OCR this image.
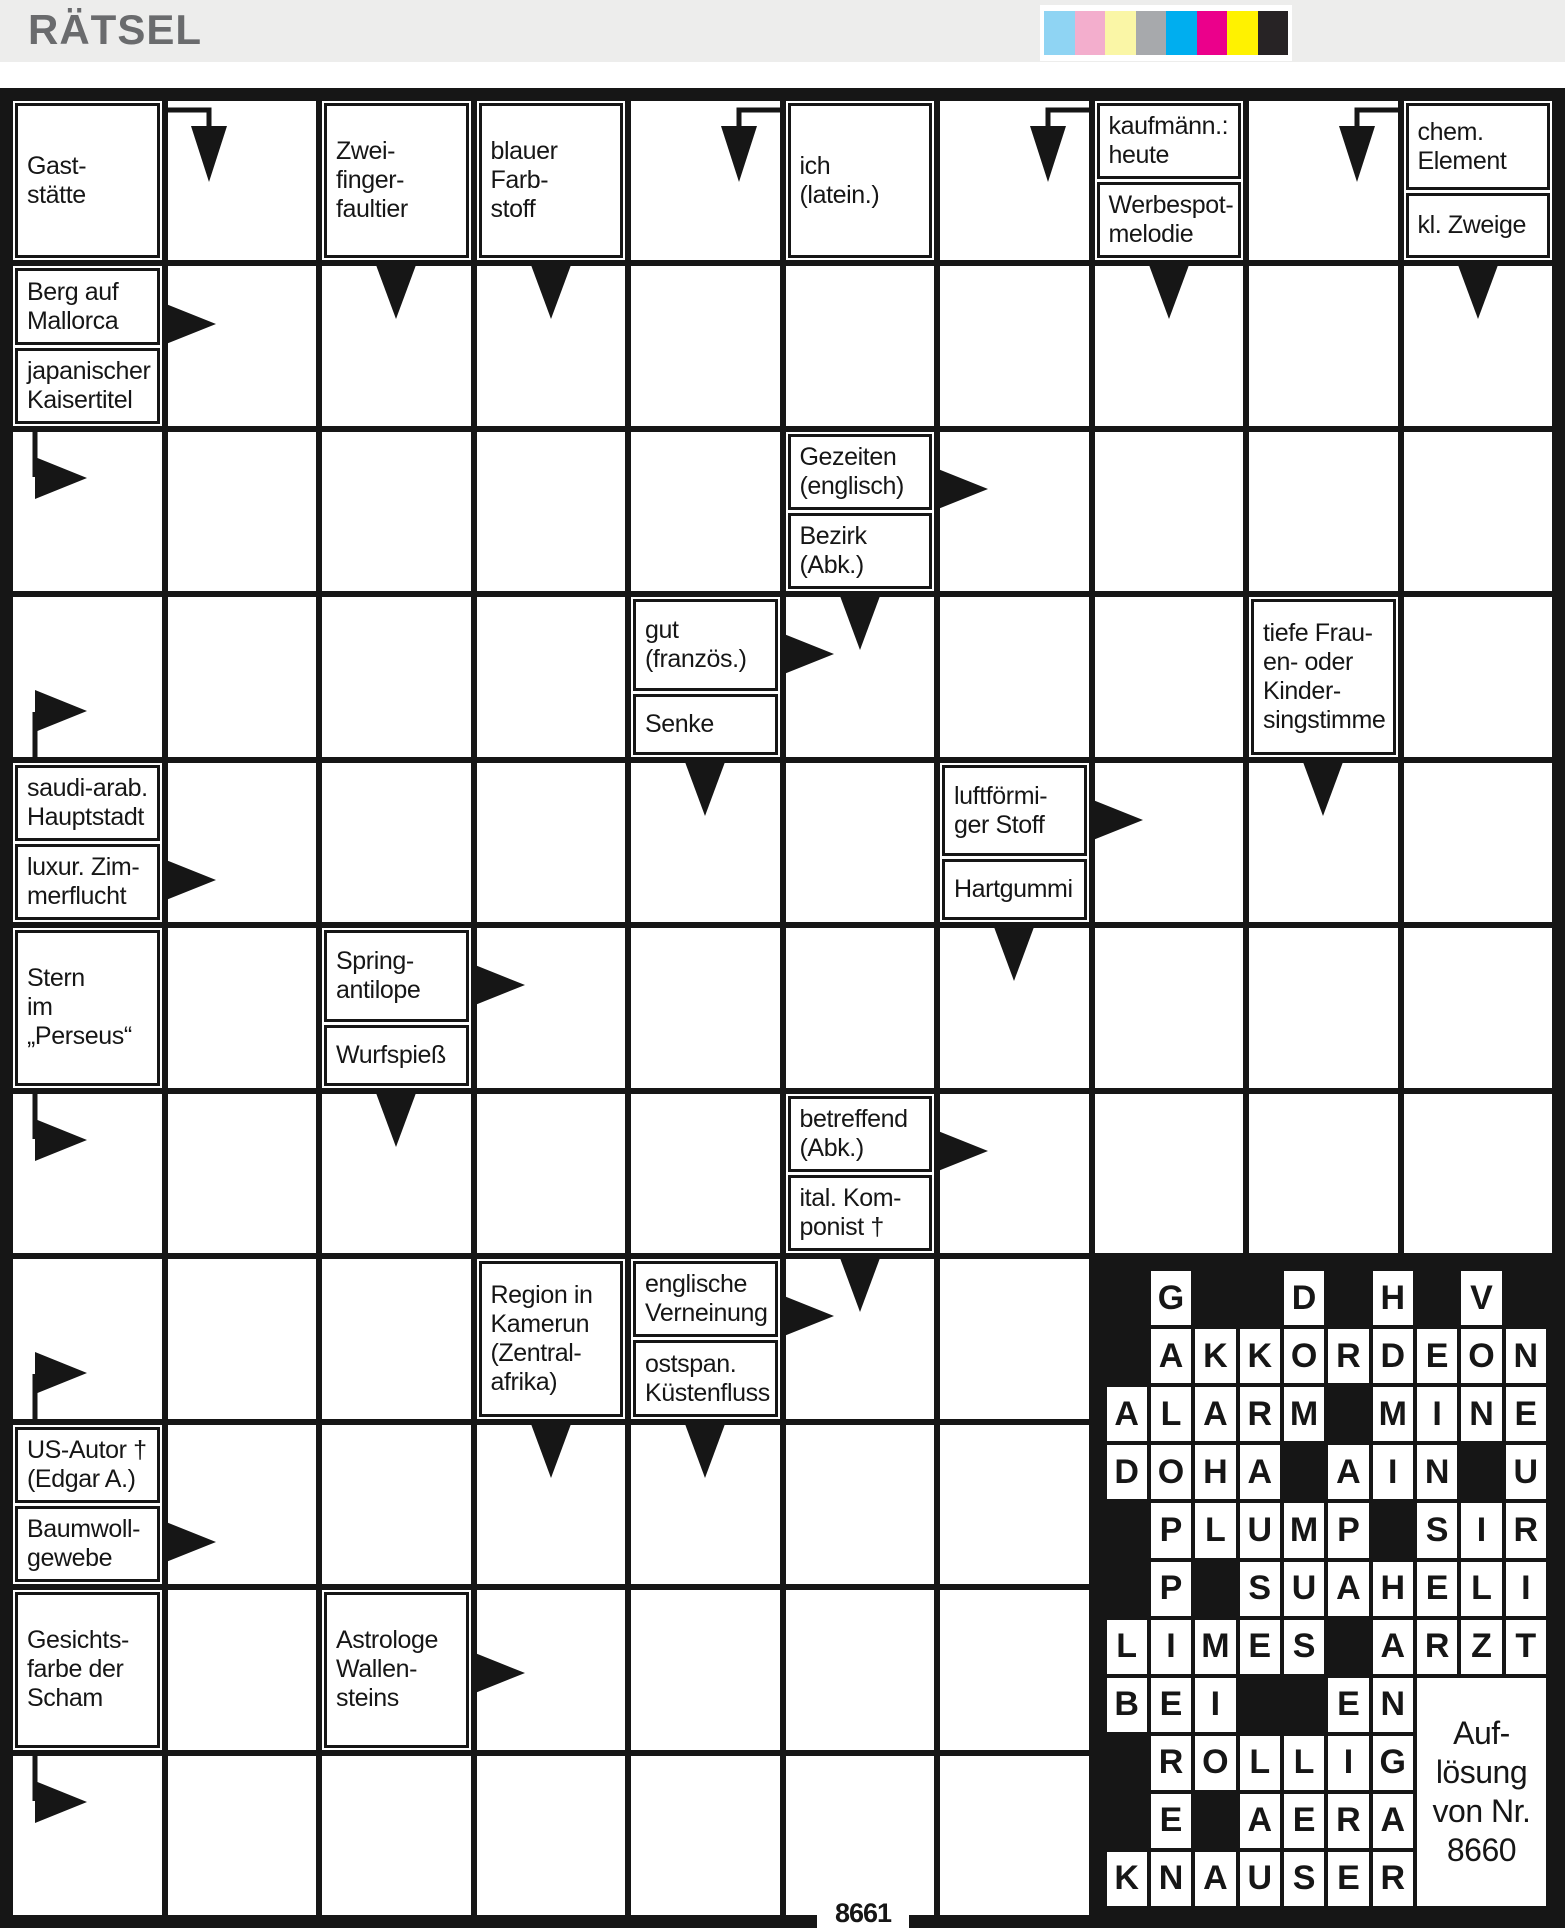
RÄTSEL
Gast-
stätte
Zwei-
finger-
faultier
blauer
Farb-
stoff
ich
(latein.)
kaufmänn.:
heute
Werbespot-
melodie
chem.
Element
kl. Zweige
Berg auf
Mallorca
japanischer
Kaisertitel
Gezeiten
(englisch)
Bezirk
(Abk.)
gut
(französ.)
Senke
tiefe Frau-
en- oder
Kinder-
singstimme
saudi-arab.
Hauptstadt
luxur. Zim-
merflucht
luftförmi-
ger Stoff
Hartgummi
Stern
im
„Perseus“
Spring-
antilope
Wurfspieß
betreffend
(Abk.)
ital. Kom-
ponist †
Region in
Kamerun
(Zentral-
afrika)
englische
Verneinung
ostspan.
Küstenfluss
US-Autor †
(Edgar A.)
Baumwoll-
gewebe
Gesichts-
farbe der
Scham
Astrologe
Wallen-
steins
G	D H V
A K K O R D E O N
A L A R M M I N E
D O H A A I N U
P L U M P S I R
P S U A H E L I
L I M E S A R Z T
B E I	E N
Auf-
lösung
von Nr.
8660
R O L L I G
E A E R A
K N A U S E R
8661
